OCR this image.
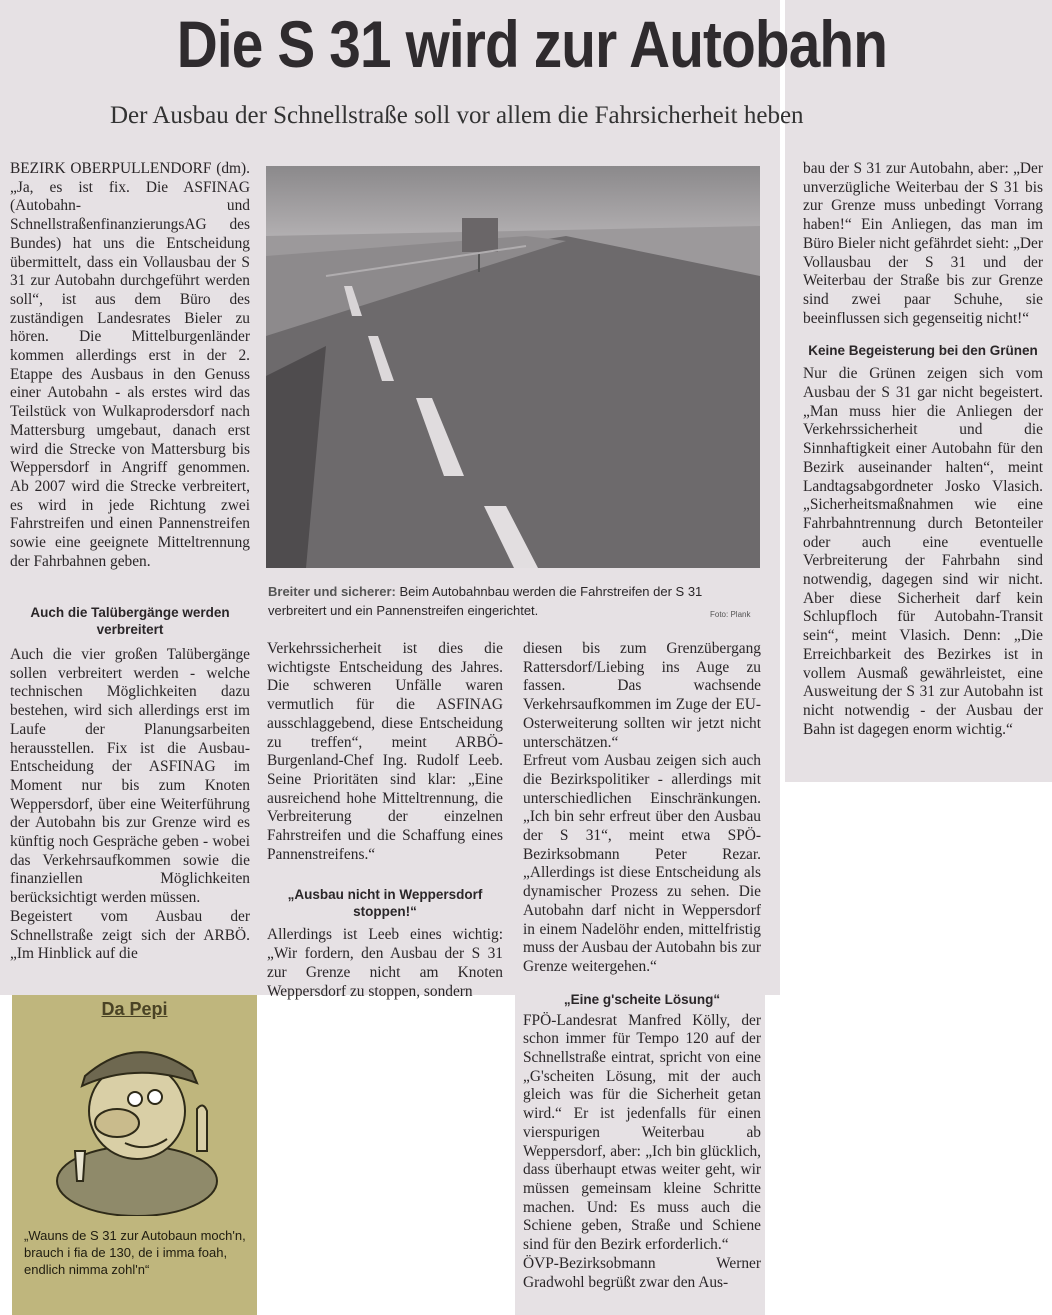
Die S 31 wird zur Autobahn
Der Ausbau der Schnellstraße soll vor allem die Fahrsicherheit heben

BEZIRK OBERPULLENDORF (dm). „Ja, es ist fix. Die ASFINAG (Autobahn- und SchnellstraßenfinanzierungsAG des Bundes) hat uns die Entscheidung übermittelt, dass ein Vollausbau der S 31 zur Autobahn durchgeführt werden soll“, ist aus dem Büro des zuständigen Landesrates Bieler zu hören. Die Mittelburgenländer kommen allerdings erst in der 2. Etappe des Ausbaus in den Genuss einer Autobahn - als erstes wird das Teilstück von Wulkaprodersdorf nach Mattersburg umgebaut, danach erst wird die Strecke von Mattersburg bis Weppersdorf in Angriff genommen. Ab 2007 wird die Strecke verbreitert, es wird in jede Richtung zwei Fahrstreifen und einen Pannenstreifen sowie eine geeignete Mitteltrennung der Fahrbahnen geben.

Breiter und sicherer: Beim Autobahnbau werden die Fahrstreifen der S 31 verbreitert und ein Pannenstreifen eingerichtet.	Foto: Plank
Auch die Talübergänge werden verbreitert

Auch die vier großen Talübergänge sollen verbreitert werden - welche technischen Möglichkeiten dazu bestehen, wird sich allerdings erst im Laufe der Planungsarbeiten herausstellen. Fix ist die Ausbau-Entscheidung der ASFINAG im Moment nur bis zum Knoten Weppersdorf, über eine Weiterführung der Autobahn bis zur Grenze wird es künftig noch Gespräche geben - wobei das Verkehrsaufkommen sowie die finanziellen Möglichkeiten berücksichtigt werden müssen.

Begeistert vom Ausbau der Schnellstraße zeigt sich der ARBÖ. „Im Hinblick auf die

Verkehrssicherheit ist dies die wichtigste Entscheidung des Jahres. Die schweren Unfälle waren vermutlich für die ASFINAG ausschlaggebend, diese Entscheidung zu treffen“, meint ARBÖ-Burgenland-Chef Ing. Rudolf Leeb. Seine Prioritäten sind klar: „Eine ausreichend hohe Mitteltrennung, die Verbreiterung der einzelnen Fahrstreifen und die Schaffung eines Pannenstreifens.“

„Ausbau nicht in Weppersdorf stoppen!“

Allerdings ist Leeb eines wichtig: „Wir fordern, den Ausbau der S 31 zur Grenze nicht am Knoten Weppersdorf zu stoppen, sondern

diesen bis zum Grenzübergang Rattersdorf/Liebing ins Auge zu fassen. Das wachsende Verkehrsaufkommen im Zuge der EU-Osterweiterung sollten wir jetzt nicht unterschätzen.“

Erfreut vom Ausbau zeigen sich auch die Bezirkspolitiker - allerdings mit unterschiedlichen Einschränkungen. „Ich bin sehr erfreut über den Ausbau der S 31“, meint etwa SPÖ-Bezirksobmann Peter Rezar. „Allerdings ist diese Entscheidung als dynamischer Prozess zu sehen. Die Autobahn darf nicht in Weppersdorf in einem Nadelöhr enden, mittelfristig muss der Ausbau der Autobahn bis zur Grenze weitergehen.“

„Eine g'scheite Lösung“

FPÖ-Landesrat Manfred Kölly, der schon immer für Tempo 120 auf der Schnellstraße eintrat, spricht von eine „G'scheiten Lösung, mit der auch gleich was für die Sicherheit getan wird.“ Er ist jedenfalls für einen vierspurigen Weiterbau ab Weppersdorf, aber: „Ich bin glücklich, dass überhaupt etwas weiter geht, wir müssen gemeinsam kleine Schritte machen. Und: Es muss auch die Schiene geben, Straße und Schiene sind für den Bezirk erforderlich.“

ÖVP-Bezirksobmann Werner Gradwohl begrüßt zwar den Aus-

bau der S 31 zur Autobahn, aber: „Der unverzügliche Weiterbau der S 31 bis zur Grenze muss unbedingt Vorrang haben!“ Ein Anliegen, das man im Büro Bieler nicht gefährdet sieht: „Der Vollausbau der S 31 und der Weiterbau der Straße bis zur Grenze sind zwei paar Schuhe, sie beeinflussen sich gegenseitig nicht!“

Keine Begeisterung bei den Grünen

Nur die Grünen zeigen sich vom Ausbau der S 31 gar nicht begeistert. „Man muss hier die Anliegen der Verkehrssicherheit und die Sinnhaftigkeit einer Autobahn für den Bezirk auseinander halten“, meint Landtagsabgordneter Josko Vlasich. „Sicherheitsmaßnahmen wie eine Fahrbahntrennung durch Betonteiler oder auch eine eventuelle Verbreiterung der Fahrbahn sind notwendig, dagegen sind wir nicht. Aber diese Sicherheit darf kein Schlupfloch für Autobahn-Transit sein“, meint Vlasich. Denn: „Die Erreichbarkeit des Bezirkes ist in vollem Ausmaß gewährleistet, eine Ausweitung der S 31 zur Autobahn ist nicht notwendig - der Ausbau der Bahn ist dagegen enorm wichtig.“

Da Pepi
„Wauns de S 31 zur Autobaun moch'n, brauch i fia de 130, de i imma foah, endlich nimma zohl'n“
